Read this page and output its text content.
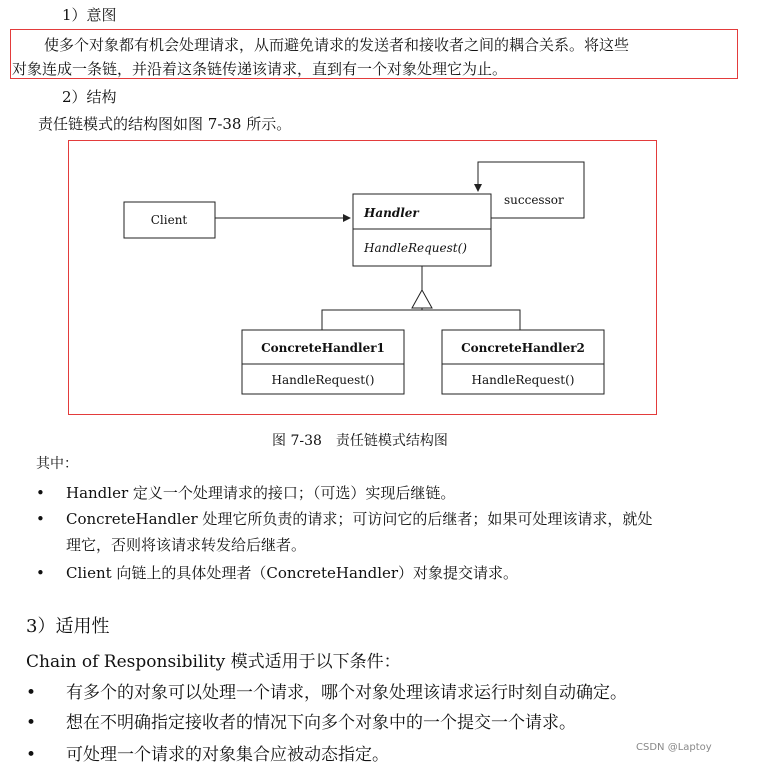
1）意图
使多个对象都有机会处理请求，从而避免请求的发送者和接收者之间的耦合关系。将这些
对象连成一条链，并沿着这条链传递该请求，直到有一个对象处理它为止。
2）结构
责任链模式的结构图如图 7-38 所示。
Client	Handler
HandleRequest()
successor
ConcreteHandler1
HandleRequest()
ConcreteHandler2
HandleRequest()
图 7-38　责任链模式结构图
其中：
• Handler 定义一个处理请求的接口；（可选）实现后继链。
• ConcreteHandler 处理它所负责的请求；可访问它的后继者；如果可处理该请求，就处
理它，否则将该请求转发给后继者。
• Client 向链上的具体处理者（ConcreteHandler）对象提交请求。
3）适用性
Chain of Responsibility 模式适用于以下条件：
• 有多个的对象可以处理一个请求，哪个对象处理该请求运行时刻自动确定。
• 想在不明确指定接收者的情况下向多个对象中的一个提交一个请求。
• 可处理一个请求的对象集合应被动态指定。	CSDN @Laptoy
